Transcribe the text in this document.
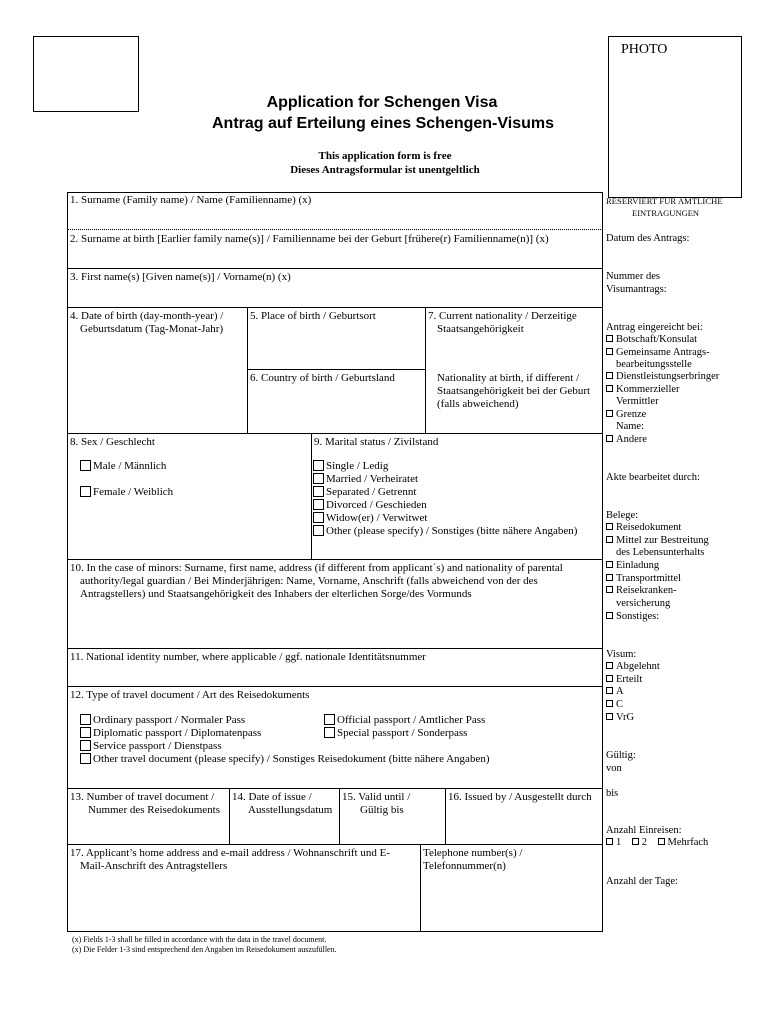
PHOTO
Application for Schengen Visa
Antrag auf Erteilung eines Schengen-Visums
This application form is free
Dieses Antragsformular ist unentgeltlich
1. Surname (Family name) / Name (Familienname) (x)
2. Surname at birth [Earlier family name(s)] / Familienname bei der Geburt [frühere(r) Familienname(n)] (x)
3. First name(s) [Given name(s)] / Vorname(n) (x)
4. Date of birth (day-month-year) /
Geburtsdatum (Tag-Monat-Jahr)
5. Place of birth / Geburtsort
6. Country of birth / Geburtsland
7. Current nationality / Derzeitige
Staatsangehörigkeit
Nationality at birth, if different /
Staatsangehörigkeit bei der Geburt
(falls abweichend)
8. Sex / Geschlecht
Male / Männlich
Female / Weiblich
9. Marital status / Zivilstand
Single / Ledig
Married / Verheiratet
Separated / Getrennt
Divorced / Geschieden
Widow(er) / Verwitwet
Other (please specify) / Sonstiges (bitte nähere Angaben)
10. In the case of minors: Surname, first name, address (if different from applicant´s) and nationality of parental
authority/legal guardian / Bei Minderjährigen: Name, Vorname, Anschrift (falls abweichend von der des
Antragstellers) und Staatsangehörigkeit des Inhabers der elterlichen Sorge/des Vormunds
11. National identity number, where applicable / ggf. nationale Identitätsnummer
12. Type of travel document / Art des Reisedokuments
Ordinary passport / Normaler Pass
Diplomatic passport / Diplomatenpass
Service passport / Dienstpass
Other travel document (please specify) / Sonstiges Reisedokument (bitte nähere Angaben)
Official passport / Amtlicher Pass
Special passport / Sonderpass
13. Number of travel document /
Nummer des Reisedokuments
14. Date of issue /
Ausstellungsdatum
15. Valid until /
Gültig bis
16. Issued by / Ausgestellt durch
17. Applicant’s home address and e-mail address / Wohnanschrift und E-
Mail-Anschrift des Antragstellers
Telephone number(s) /
Telefonnummer(n)
(x) Fields 1-3 shall be filled in accordance with the data in the travel document.
(x) Die Felder 1-3 sind entsprechend den Angaben im Reisedokument auszufüllen.
RESERVIERT FÜR AMTLICHE
EINTRAGUNGEN
Datum des Antrags:
Nummer des
Visumantrags:
Antrag eingereicht bei:
Botschaft/Konsulat
Gemeinsame Antrags-
bearbeitungsstelle
Dienstleistungserbringer
Kommerzieller
Vermittler
Grenze
Name:
Andere
Akte bearbeitet durch:
Belege:
Reisedokument
Mittel zur Bestreitung
des Lebensunterhalts
Einladung
Transportmittel
Reisekranken-
versicherung
Sonstiges:
Visum:
Abgelehnt
Erteilt
A
C
VrG
Gültig:
von
bis
Anzahl Einreisen:
1 2 Mehrfach
Anzahl der Tage:
